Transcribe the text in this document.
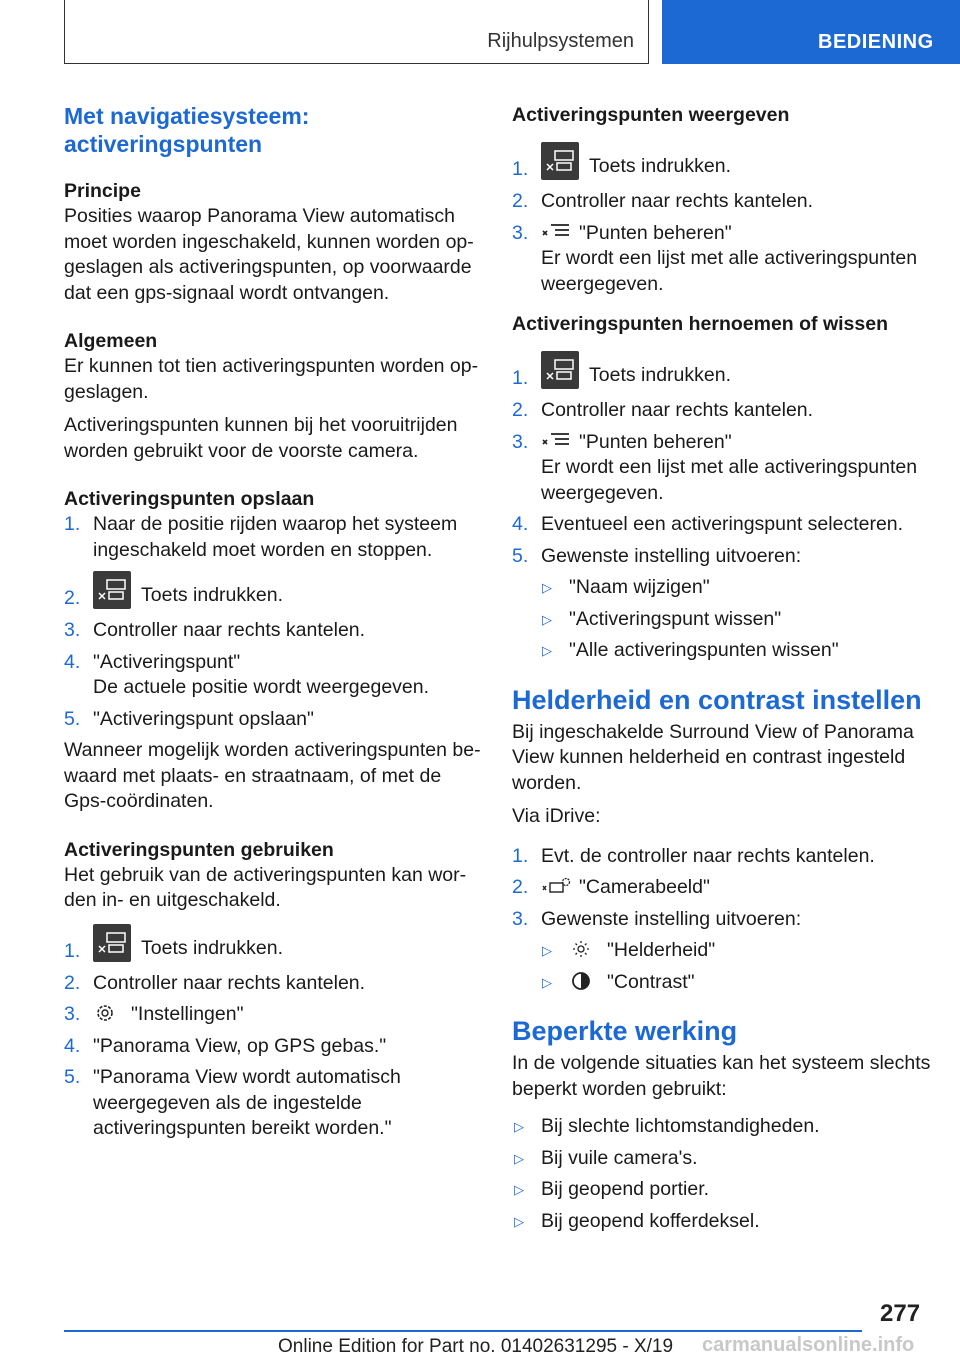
Rijhulpsystemen	BEDIENING
Met navigatiesysteem: activeringspunten
Principe

Posities waarop Panorama View automatisch moet worden ingeschakeld, kunnen worden opgeslagen als activeringspunten, op voorwaarde dat een gps-signaal wordt ontvangen.

Algemeen

Er kunnen tot tien activeringspunten worden opgeslagen.

Activeringspunten kunnen bij het vooruitrijden worden gebruikt voor de voorste camera.

Activeringspunten opslaan
1. Naar de positie rijden waarop het systeem ingeschakeld moet worden en stoppen.
2.	Toets indrukken.
3. Controller naar rechts kantelen.
4. "Activeringspunt"
De actuele positie wordt weergegeven.
5. "Activeringspunt opslaan"

Wanneer mogelijk worden activeringspunten bewaard met plaats- en straatnaam, of met de Gps-coördinaten.

Activeringspunten gebruiken

Het gebruik van de activeringspunten kan worden in- en uitgeschakeld.

1.	Toets indrukken.
2. Controller naar rechts kantelen.
3.	"Instellingen"
4. "Panorama View, op GPS gebas."
5. "Panorama View wordt automatisch weergegeven als de ingestelde activeringspunten bereikt worden."
Activeringspunten weergeven
1.	Toets indrukken.
2. Controller naar rechts kantelen.
3.	"Punten beheren"
Er wordt een lijst met alle activeringspunten weergegeven.
Activeringspunten hernoemen of wissen
1.	Toets indrukken.
2. Controller naar rechts kantelen.
3.	"Punten beheren"
Er wordt een lijst met alle activeringspunten weergegeven.
4. Eventueel een activeringspunt selecteren.
5. Gewenste instelling uitvoeren:
▷ "Naam wijzigen"
▷ "Activeringspunt wissen"
▷ "Alle activeringspunten wissen"
Helderheid en contrast instellen

Bij ingeschakelde Surround View of Panorama View kunnen helderheid en contrast ingesteld worden.

Via iDrive:

1. Evt. de controller naar rechts kantelen.
2.	"Camerabeeld"
3. Gewenste instelling uitvoeren:
▷	"Helderheid"
▷	"Contrast"
Beperkte werking

In de volgende situaties kan het systeem slechts beperkt worden gebruikt:

▷ Bij slechte lichtomstandigheden.
▷ Bij vuile camera's.
▷ Bij geopend portier.
▷ Bij geopend kofferdeksel.
277
Online Edition for Part no. 01402631295 - X/19 carmanualsonline.info
